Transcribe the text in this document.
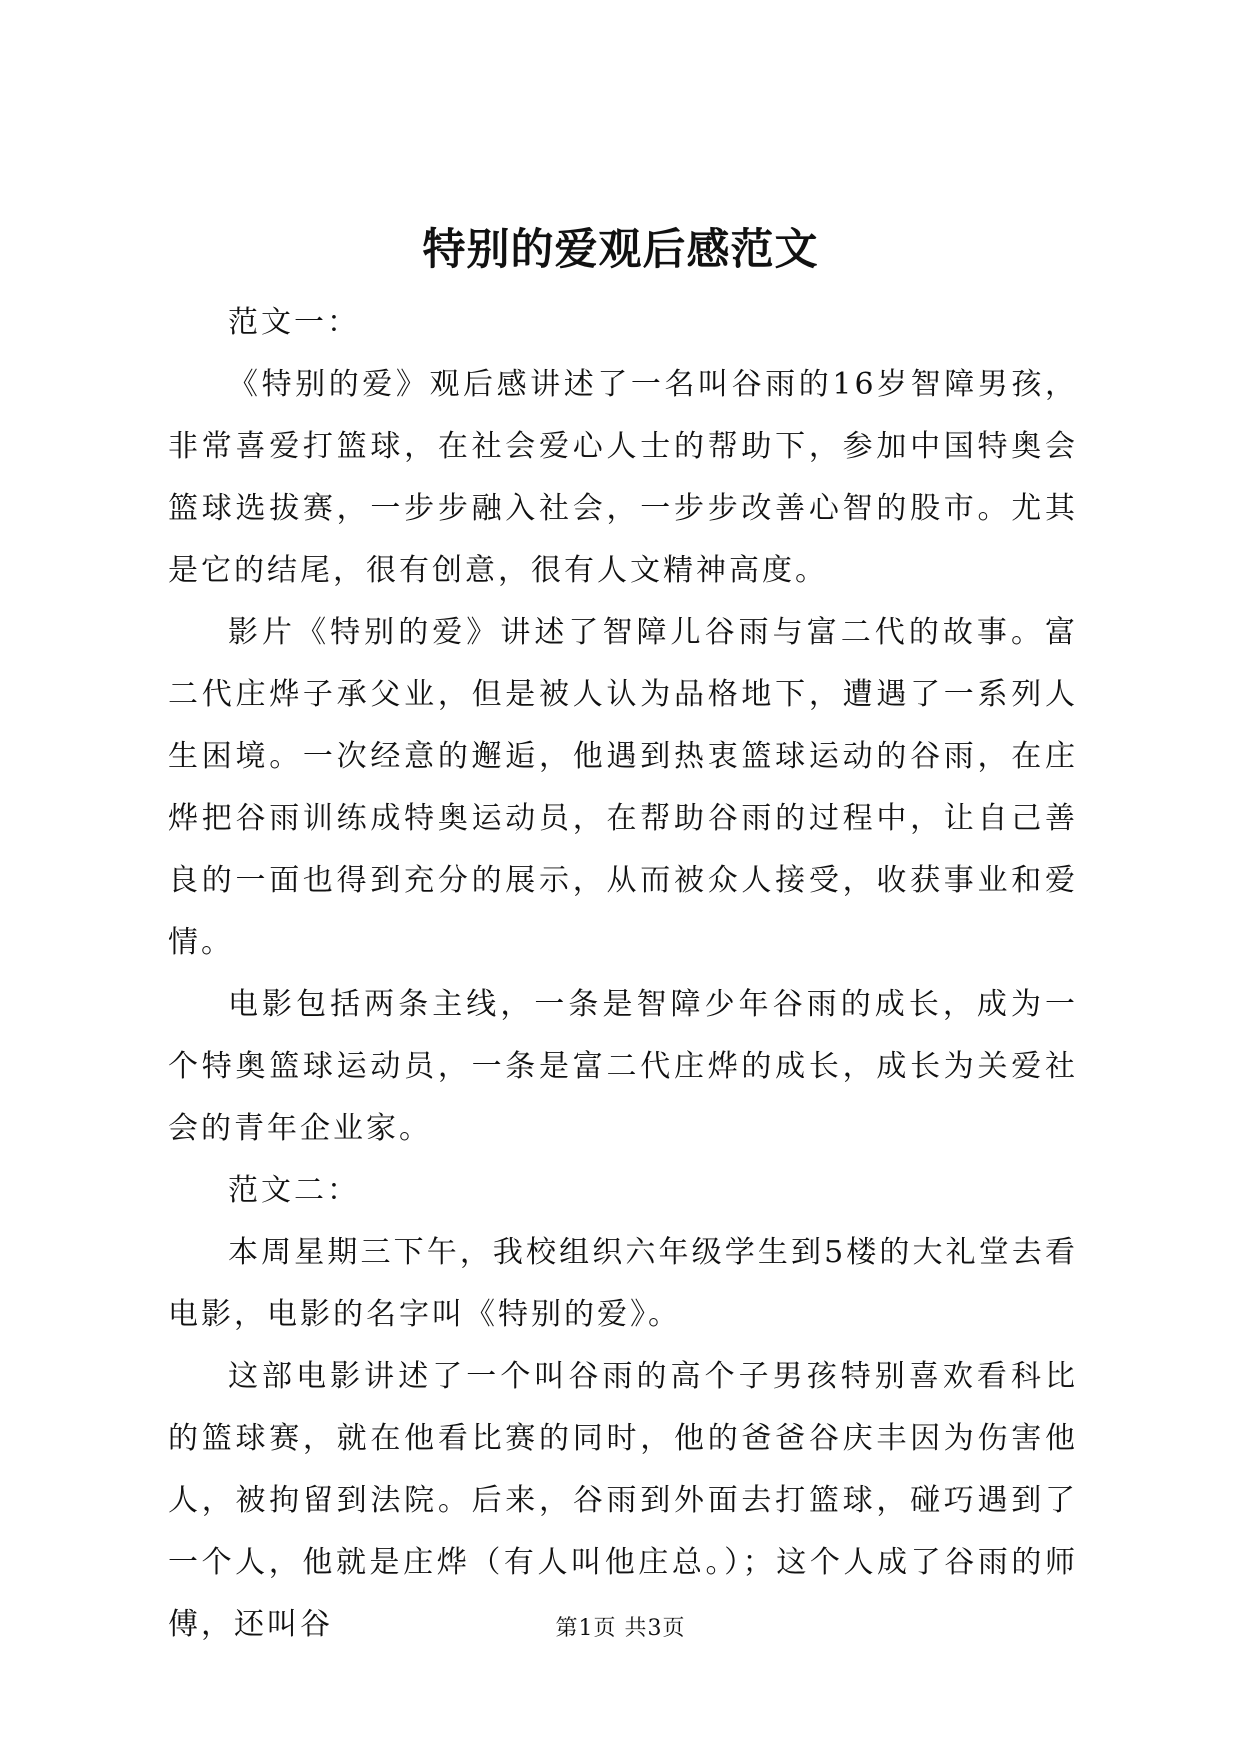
特别的爱观后感范文

范文一：

《特别的爱》观后感讲述了一名叫谷雨的16岁智障男孩，非常喜爱打篮球，在社会爱心人士的帮助下，参加中国特奥会篮球选拔赛，一步步融入社会，一步步改善心智的股市。尤其是它的结尾，很有创意，很有人文精神高度。

影片《特别的爱》讲述了智障儿谷雨与富二代的故事。富二代庄烨子承父业，但是被人认为品格地下，遭遇了一系列人生困境。一次经意的邂逅，他遇到热衷篮球运动的谷雨，在庄烨把谷雨训练成特奥运动员，在帮助谷雨的过程中，让自己善良的一面也得到充分的展示，从而被众人接受，收获事业和爱情。

电影包括两条主线，一条是智障少年谷雨的成长，成为一个特奥篮球运动员，一条是富二代庄烨的成长，成长为关爱社会的青年企业家。

范文二：

本周星期三下午，我校组织六年级学生到5楼的大礼堂去看电影，电影的名字叫《特别的爱》。

这部电影讲述了一个叫谷雨的高个子男孩特别喜欢看科比的篮球赛，就在他看比赛的同时，他的爸爸谷庆丰因为伤害他人，被拘留到法院。后来，谷雨到外面去打篮球，碰巧遇到了一个人，他就是庄烨（有人叫他庄总。）；这个人成了谷雨的师傅，还叫谷	第1页 共3页
